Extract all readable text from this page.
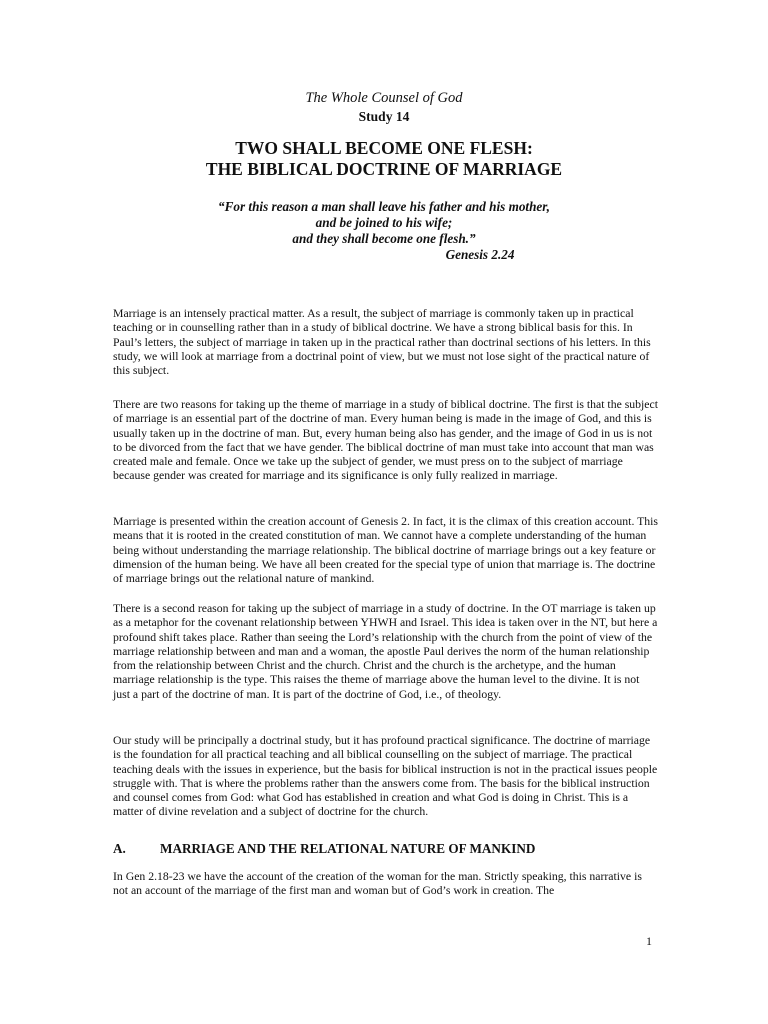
The Whole Counsel of God
Study 14
TWO SHALL BECOME ONE FLESH:
THE BIBLICAL DOCTRINE OF MARRIAGE
“For this reason a man shall leave his father and his mother,
and be joined to his wife;
and they shall become one flesh.”
Genesis 2.24
Marriage is an intensely practical matter. As a result, the subject of marriage is commonly taken up in practical teaching or in counselling rather than in a study of biblical doctrine. We have a strong biblical basis for this. In Paul’s letters, the subject of marriage in taken up in the practical rather than doctrinal sections of his letters. In this study, we will look at marriage from a doctrinal point of view, but we must not lose sight of the practical nature of this subject.
There are two reasons for taking up the theme of marriage in a study of biblical doctrine. The first is that the subject of marriage is an essential part of the doctrine of man. Every human being is made in the image of God, and this is usually taken up in the doctrine of man. But, every human being also has gender, and the image of God in us is not to be divorced from the fact that we have gender. The biblical doctrine of man must take into account that man was created male and female. Once we take up the subject of gender, we must press on to the subject of marriage because gender was created for marriage and its significance is only fully realized in marriage.
Marriage is presented within the creation account of Genesis 2. In fact, it is the climax of this creation account. This means that it is rooted in the created constitution of man. We cannot have a complete understanding of the human being without understanding the marriage relationship. The biblical doctrine of marriage brings out a key feature or dimension of the human being. We have all been created for the special type of union that marriage is. The doctrine of marriage brings out the relational nature of mankind.
There is a second reason for taking up the subject of marriage in a study of doctrine. In the OT marriage is taken up as a metaphor for the covenant relationship between YHWH and Israel. This idea is taken over in the NT, but here a profound shift takes place. Rather than seeing the Lord’s relationship with the church from the point of view of the marriage relationship between and man and a woman, the apostle Paul derives the norm of the human relationship from the relationship between Christ and the church. Christ and the church is the archetype, and the human marriage relationship is the type. This raises the theme of marriage above the human level to the divine. It is not just a part of the doctrine of man. It is part of the doctrine of God, i.e., of theology.
Our study will be principally a doctrinal study, but it has profound practical significance. The doctrine of marriage is the foundation for all practical teaching and all biblical counselling on the subject of marriage. The practical teaching deals with the issues in experience, but the basis for biblical instruction is not in the practical issues people struggle with. That is where the problems rather than the answers come from. The basis for the biblical instruction and counsel comes from God: what God has established in creation and what God is doing in Christ. This is a matter of divine revelation and a subject of doctrine for the church.
A.	MARRIAGE AND THE RELATIONAL NATURE OF MANKIND
In Gen 2.18-23 we have the account of the creation of the woman for the man. Strictly speaking, this narrative is not an account of the marriage of the first man and woman but of God’s work in creation. The
1
